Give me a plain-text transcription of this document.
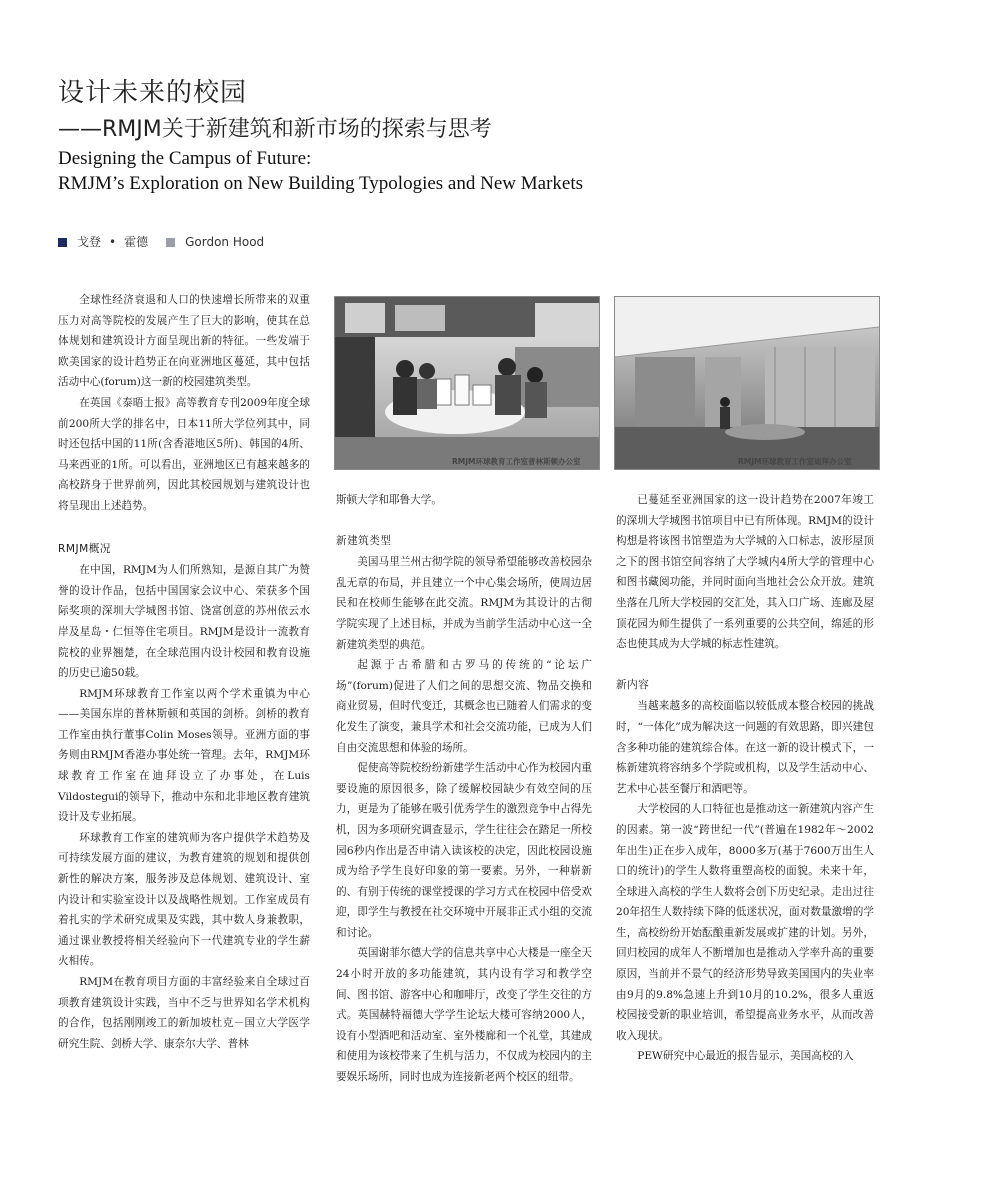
设计未来的校园
——RMJM关于新建筑和新市场的探索与思考
Designing the Campus of Future:
RMJM’s Exploration on New Building Typologies and New Markets
戈登 • 霍德	Gordon Hood
RMJM环球教育工作室普林斯顿办公室	RMJM环球教育工作室迪拜办公室

全球性经济衰退和人口的快速增长所带来的双重压力对高等院校的发展产生了巨大的影响，使其在总体规划和建筑设计方面呈现出新的特征。一些发端于欧美国家的设计趋势正在向亚洲地区蔓延，其中包括活动中心(forum)这一新的校园建筑类型。

在英国《泰晤士报》高等教育专刊2009年度全球前200所大学的排名中，日本11所大学位列其中，同时还包括中国的11所(含香港地区5所)、韩国的4所、马来西亚的1所。可以看出，亚洲地区已有越来越多的高校跻身于世界前列，因此其校园规划与建筑设计也将呈现出上述趋势。

RMJM概况

在中国，RMJM为人们所熟知，是源自其广为赞誉的设计作品，包括中国国家会议中心、荣获多个国际奖项的深圳大学城图书馆、饶富创意的苏州依云水岸及星岛・仁恒等住宅项目。RMJM是设计一流教育院校的业界翘楚，在全球范围内设计校园和教育设施的历史已逾50载。

RMJM环球教育工作室以两个学术重镇为中心——美国东岸的普林斯顿和英国的剑桥。剑桥的教育工作室由执行董事Colin Moses领导。亚洲方面的事务则由RMJM香港办事处统一管理。去年，RMJM环球教育工作室在迪拜设立了办事处，在Luis Vildostegui的领导下，推动中东和北非地区教育建筑设计及专业拓展。

环球教育工作室的建筑师为客户提供学术趋势及可持续发展方面的建议，为教育建筑的规划和提供创新性的解决方案，服务涉及总体规划、建筑设计、室内设计和实验室设计以及战略性规划。工作室成员有着扎实的学术研究成果及实践，其中数人身兼教职，通过课业教授将相关经验向下一代建筑专业的学生薪火相传。

RMJM在教育项目方面的丰富经验来自全球过百项教育建筑设计实践，当中不乏与世界知名学术机构的合作，包括刚刚竣工的新加坡杜克－国立大学医学研究生院、剑桥大学、康奈尔大学、普林

斯顿大学和耶鲁大学。

新建筑类型

美国马里兰州古彻学院的领导希望能够改善校园杂乱无章的布局，并且建立一个中心集会场所，使周边居民和在校师生能够在此交流。RMJM为其设计的古彻学院实现了上述目标，并成为当前学生活动中心这一全新建筑类型的典范。

起源于古希腊和古罗马的传统的“论坛广场”(forum)促进了人们之间的思想交流、物品交换和商业贸易，但时代变迁，其概念也已随着人们需求的变化发生了演变，兼具学术和社会交流功能，已成为人们自由交流思想和体验的场所。

促使高等院校纷纷新建学生活动中心作为校园内重要设施的原因很多，除了缓解校园缺少有效空间的压力，更是为了能够在吸引优秀学生的激烈竞争中占得先机，因为多项研究调查显示，学生往往会在踏足一所校园6秒内作出是否申请入读该校的决定，因此校园设施成为给予学生良好印象的第一要素。另外，一种崭新的、有别于传统的课堂授课的学习方式在校园中倍受欢迎，即学生与教授在社交环境中开展非正式小组的交流和讨论。

英国谢菲尔德大学的信息共享中心大楼是一座全天24小时开放的多功能建筑，其内设有学习和教学空间、图书馆、游客中心和咖啡厅，改变了学生交往的方式。英国赫特福德大学学生论坛大楼可容纳2000人，设有小型酒吧和活动室、室外楼廊和一个礼堂，其建成和使用为该校带来了生机与活力，不仅成为校园内的主要娱乐场所，同时也成为连接新老两个校区的纽带。

已蔓延至亚洲国家的这一设计趋势在2007年竣工的深圳大学城图书馆项目中已有所体现。RMJM的设计构想是将该图书馆塑造为大学城的入口标志，波形屋顶之下的图书馆空间容纳了大学城内4所大学的管理中心和图书藏阅功能，并同时面向当地社会公众开放。建筑坐落在几所大学校园的交汇处，其入口广场、连廊及屋顶花园为师生提供了一系列重要的公共空间，绵延的形态也使其成为大学城的标志性建筑。

新内容

当越来越多的高校面临以较低成本整合校园的挑战时，“一体化”成为解决这一问题的有效思路，即兴建包含多种功能的建筑综合体。在这一新的设计模式下，一栋新建筑将容纳多个学院或机构，以及学生活动中心、艺术中心甚至餐厅和酒吧等。

大学校园的人口特征也是推动这一新建筑内容产生的因素。第一波“跨世纪一代”(普遍在1982年～2002年出生)正在步入成年，8000多万(基于7600万出生人口的统计)的学生人数将重塑高校的面貌。未来十年，全球进入高校的学生人数将会创下历史纪录。走出过往20年招生人数持续下降的低迷状况，面对数量激增的学生，高校纷纷开始酝酿重新发展或扩建的计划。另外，回归校园的成年人不断增加也是推动入学率升高的重要原因，当前并不景气的经济形势导致美国国内的失业率由9月的9.8%急速上升到10月的10.2%，很多人重返校园接受新的职业培训，希望提高业务水平，从而改善收入现状。

PEW研究中心最近的报告显示，美国高校的入
